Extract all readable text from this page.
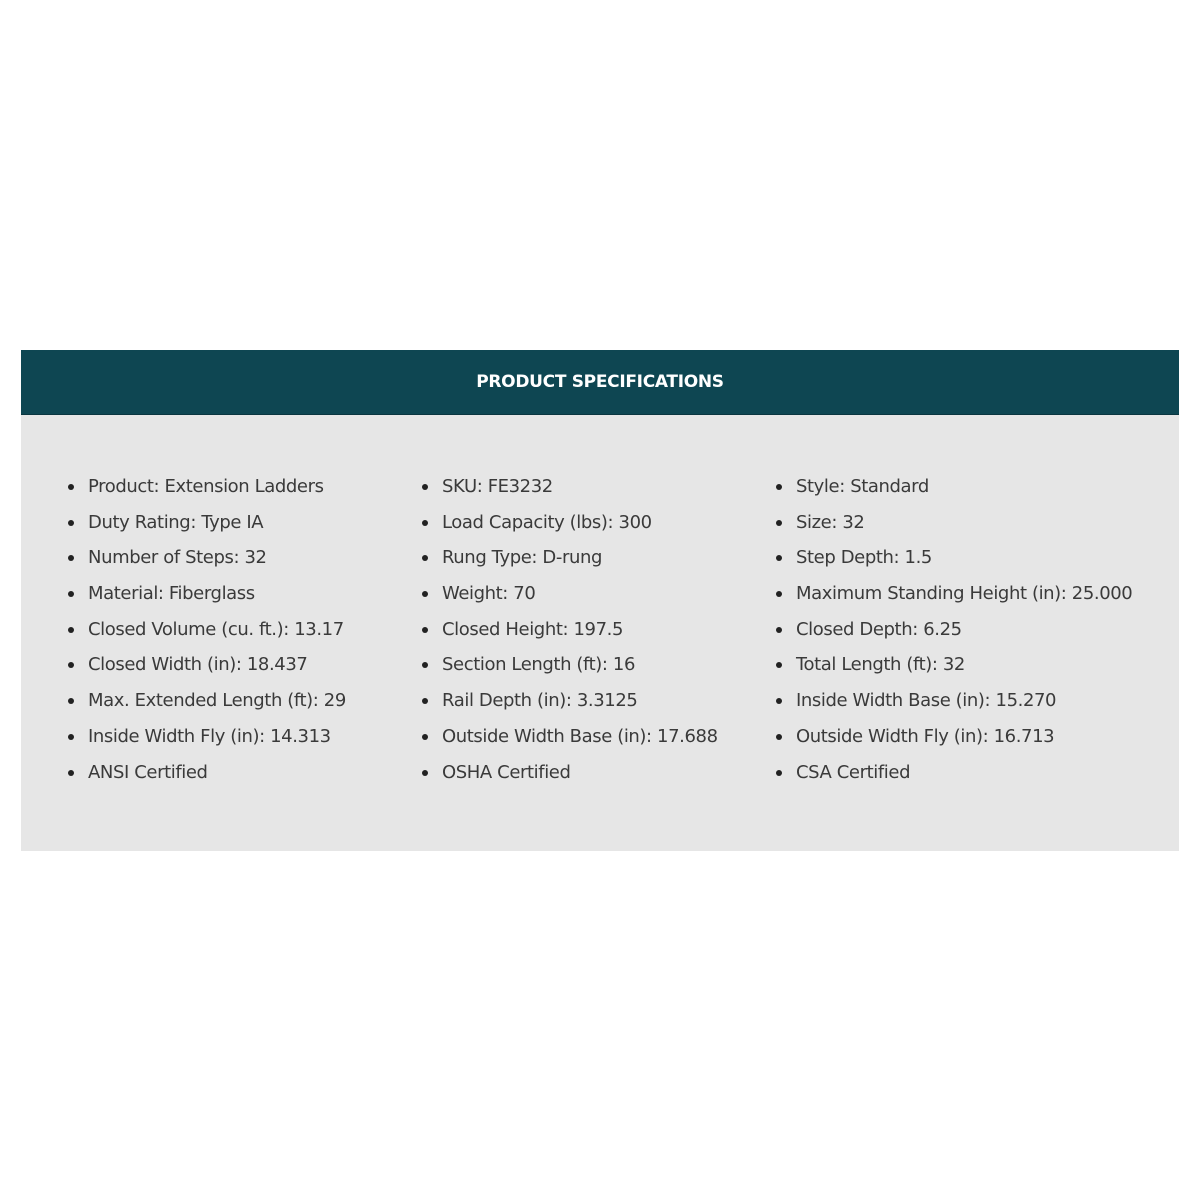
PRODUCT SPECIFICATIONS
Product: Extension Ladders
Duty Rating: Type IA
Number of Steps: 32
Material: Fiberglass
Closed Volume (cu. ft.): 13.17
Closed Width (in): 18.437
Max. Extended Length (ft): 29
Inside Width Fly (in): 14.313
ANSI Certified
SKU: FE3232
Load Capacity (lbs): 300
Rung Type: D-rung
Weight: 70
Closed Height: 197.5
Section Length (ft): 16
Rail Depth (in): 3.3125
Outside Width Base (in): 17.688
OSHA Certified
Style: Standard
Size: 32
Step Depth: 1.5
Maximum Standing Height (in): 25.000
Closed Depth: 6.25
Total Length (ft): 32
Inside Width Base (in): 15.270
Outside Width Fly (in): 16.713
CSA Certified
